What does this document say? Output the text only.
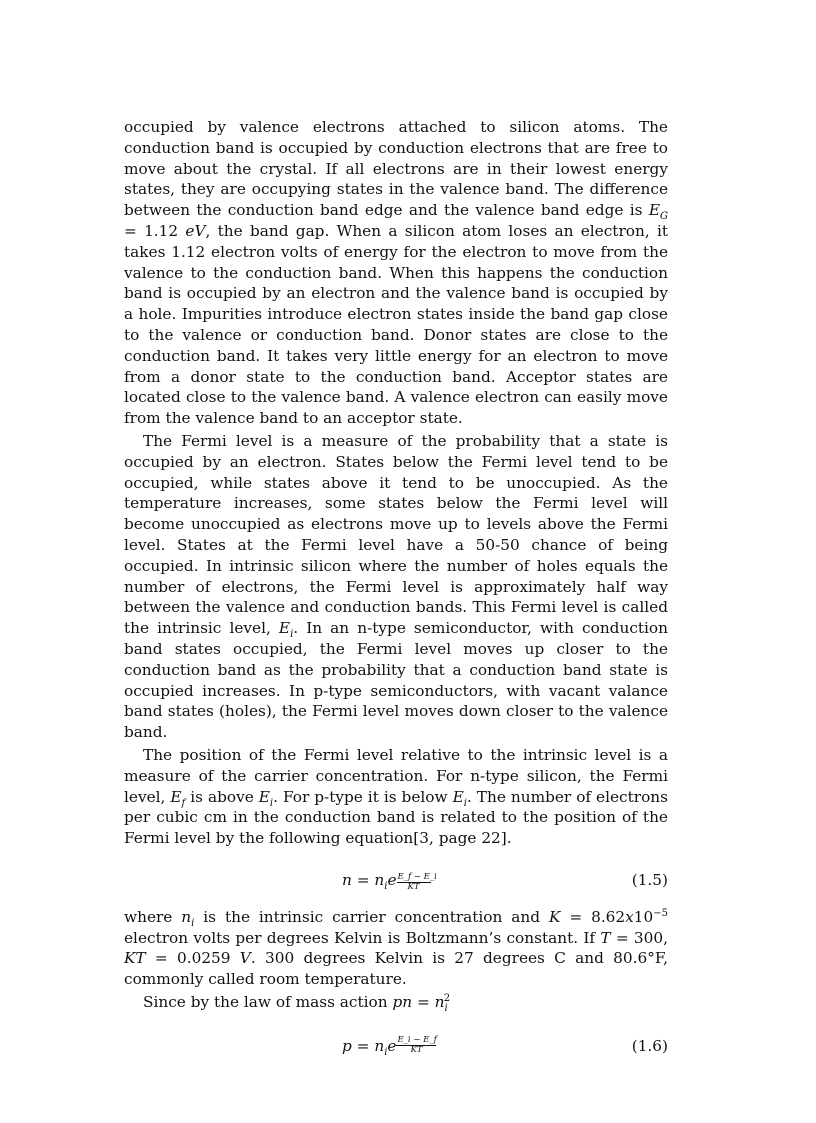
occupied by valence electrons attached to silicon atoms. The conduction band is occupied by conduction electrons that are free to move about the crystal. If all electrons are in their lowest energy states, they are occupying states in the valence band. The difference between the conduction band edge and the valence band edge is $E_G = 1.12$ eV, the band gap. When a silicon atom loses an electron, it takes 1.12 electron volts of energy for the electron to move from the valence to the conduction band. When this happens the conduction band is occupied by an electron and the valence band is occupied by a hole. Impurities introduce electron states inside the band gap close to the valence or conduction band. Donor states are close to the conduction band. It takes very little energy for an electron to move from a donor state to the conduction band. Acceptor states are located close to the valence band. A valence electron can easily move from the valence band to an acceptor state.

The Fermi level is a measure of the probability that a state is occupied by an electron. States below the Fermi level tend to be occupied, while states above it tend to be unoccupied. As the temperature increases, some states below the Fermi level will become unoccupied as electrons move up to levels above the Fermi level. States at the Fermi level have a 50-50 chance of being occupied. In intrinsic silicon where the number of holes equals the number of electrons, the Fermi level is approximately half way between the valence and conduction bands. This Fermi level is called the intrinsic level, $E_i$. In an n-type semiconductor, with conduction band states occupied, the Fermi level moves up closer to the conduction band as the probability that a conduction band state is occupied increases. In p-type semiconductors, with vacant valance band states (holes), the Fermi level moves down closer to the valence band.

The position of the Fermi level relative to the intrinsic level is a measure of the carrier concentration. For n-type silicon, the Fermi level, $E_f$ is above $E_i$. For p-type it is below $E_i$. The number of electrons per cubic cm in the conduction band is related to the position of the Fermi level by the following equation[3, page 22].

$n = n_ie \frac{E\_f - E\_i}{KT}$	(1.5)

where $n_i$ is the intrinsic carrier concentration and $K = 8.62x10^{-5}$ electron volts per degrees Kelvin is Boltzmann’s constant. If T = 300, KT = 0.0259 V. 300 degrees Kelvin is 27 degrees C and 80.6°F, commonly called room temperature.

Since by the law of mass action pn = $n_i^2$

$p = n_ie \frac{E\_i - E\_f}{KT}$	(1.6)
